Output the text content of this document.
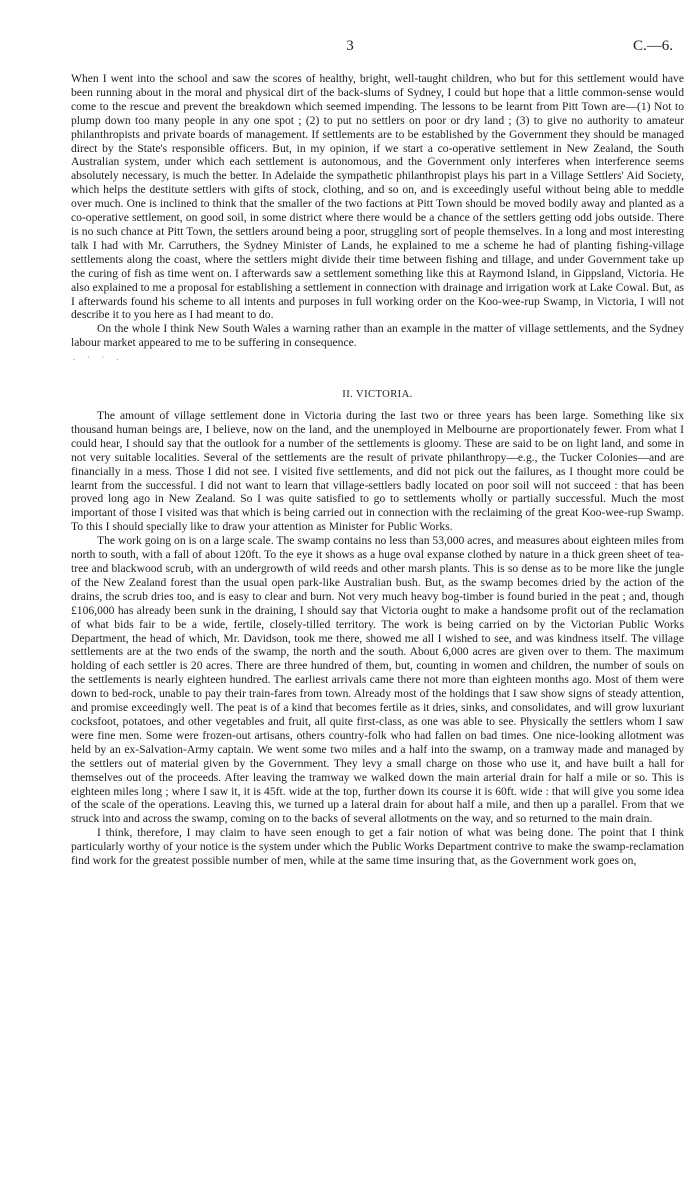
3	C.—6.

When I went into the school and saw the scores of healthy, bright, well-taught children, who but for this settlement would have been running about in the moral and physical dirt of the back-slums of Sydney, I could but hope that a little common-sense would come to the rescue and prevent the breakdown which seemed impending. The lessons to be learnt from Pitt Town are—(1) Not to plump down too many people in any one spot ; (2) to put no settlers on poor or dry land ; (3) to give no authority to amateur philanthropists and private boards of management. If settlements are to be established by the Government they should be managed direct by the State's responsible officers. But, in my opinion, if we start a co-operative settlement in New Zealand, the South Australian system, under which each settlement is autonomous, and the Government only interferes when interference seems absolutely necessary, is much the better. In Adelaide the sympathetic philanthropist plays his part in a Village Settlers' Aid Society, which helps the destitute settlers with gifts of stock, clothing, and so on, and is exceedingly useful without being able to meddle over much. One is inclined to think that the smaller of the two factions at Pitt Town should be moved bodily away and planted as a co-operative settlement, on good soil, in some district where there would be a chance of the settlers getting odd jobs outside. There is no such chance at Pitt Town, the settlers around being a poor, struggling sort of people themselves. In a long and most interesting talk I had with Mr. Carruthers, the Sydney Minister of Lands, he explained to me a scheme he had of planting fishing-village settlements along the coast, where the settlers might divide their time between fishing and tillage, and under Government take up the curing of fish as time went on. I afterwards saw a settlement something like this at Raymond Island, in Gippsland, Victoria. He also explained to me a proposal for establishing a settlement in connection with drainage and irrigation work at Lake Cowal. But, as I afterwards found his scheme to all intents and purposes in full working order on the Koo-wee-rup Swamp, in Victoria, I will not describe it to you here as I had meant to do.

On the whole I think New South Wales a warning rather than an example in the matter of village settlements, and the Sydney labour market appeared to me to be suffering in consequence.

. · · .
II. VICTORIA.

The amount of village settlement done in Victoria during the last two or three years has been large. Something like six thousand human beings are, I believe, now on the land, and the unemployed in Melbourne are proportionately fewer. From what I could hear, I should say that the outlook for a number of the settlements is gloomy. These are said to be on light land, and some in not very suitable localities. Several of the settlements are the result of private philanthropy—e.g., the Tucker Colonies—and are financially in a mess. Those I did not see. I visited five settlements, and did not pick out the failures, as I thought more could be learnt from the successful. I did not want to learn that village-settlers badly located on poor soil will not succeed : that has been proved long ago in New Zealand. So I was quite satisfied to go to settlements wholly or partially successful. Much the most important of those I visited was that which is being carried out in connection with the reclaiming of the great Koo-wee-rup Swamp. To this I should specially like to draw your attention as Minister for Public Works.

The work going on is on a large scale. The swamp contains no less than 53,000 acres, and measures about eighteen miles from north to south, with a fall of about 120ft. To the eye it shows as a huge oval expanse clothed by nature in a thick green sheet of tea-tree and blackwood scrub, with an undergrowth of wild reeds and other marsh plants. This is so dense as to be more like the jungle of the New Zealand forest than the usual open park-like Australian bush. But, as the swamp becomes dried by the action of the drains, the scrub dries too, and is easy to clear and burn. Not very much heavy bog-timber is found buried in the peat ; and, though £106,000 has already been sunk in the draining, I should say that Victoria ought to make a handsome profit out of the reclamation of what bids fair to be a wide, fertile, closely-tilled territory. The work is being carried on by the Victorian Public Works Department, the head of which, Mr. Davidson, took me there, showed me all I wished to see, and was kindness itself. The village settlements are at the two ends of the swamp, the north and the south. About 6,000 acres are given over to them. The maximum holding of each settler is 20 acres. There are three hundred of them, but, counting in women and children, the number of souls on the settlements is nearly eighteen hundred. The earliest arrivals came there not more than eighteen months ago. Most of them were down to bed-rock, unable to pay their train-fares from town. Already most of the holdings that I saw show signs of steady attention, and promise exceedingly well. The peat is of a kind that becomes fertile as it dries, sinks, and consolidates, and will grow luxuriant cocksfoot, potatoes, and other vegetables and fruit, all quite first-class, as one was able to see. Physically the settlers whom I saw were fine men. Some were frozen-out artisans, others country-folk who had fallen on bad times. One nice-looking allotment was held by an ex-Salvation-Army captain. We went some two miles and a half into the swamp, on a tramway made and managed by the settlers out of material given by the Government. They levy a small charge on those who use it, and have built a hall for themselves out of the proceeds. After leaving the tramway we walked down the main arterial drain for half a mile or so. This is eighteen miles long ; where I saw it, it is 45ft. wide at the top, further down its course it is 60ft. wide : that will give you some idea of the scale of the operations. Leaving this, we turned up a lateral drain for about half a mile, and then up a parallel. From that we struck into and across the swamp, coming on to the backs of several allotments on the way, and so returned to the main drain.

I think, therefore, I may claim to have seen enough to get a fair notion of what was being done. The point that I think particularly worthy of your notice is the system under which the Public Works Department contrive to make the swamp-reclamation find work for the greatest possible number of men, while at the same time insuring that, as the Government work goes on,
